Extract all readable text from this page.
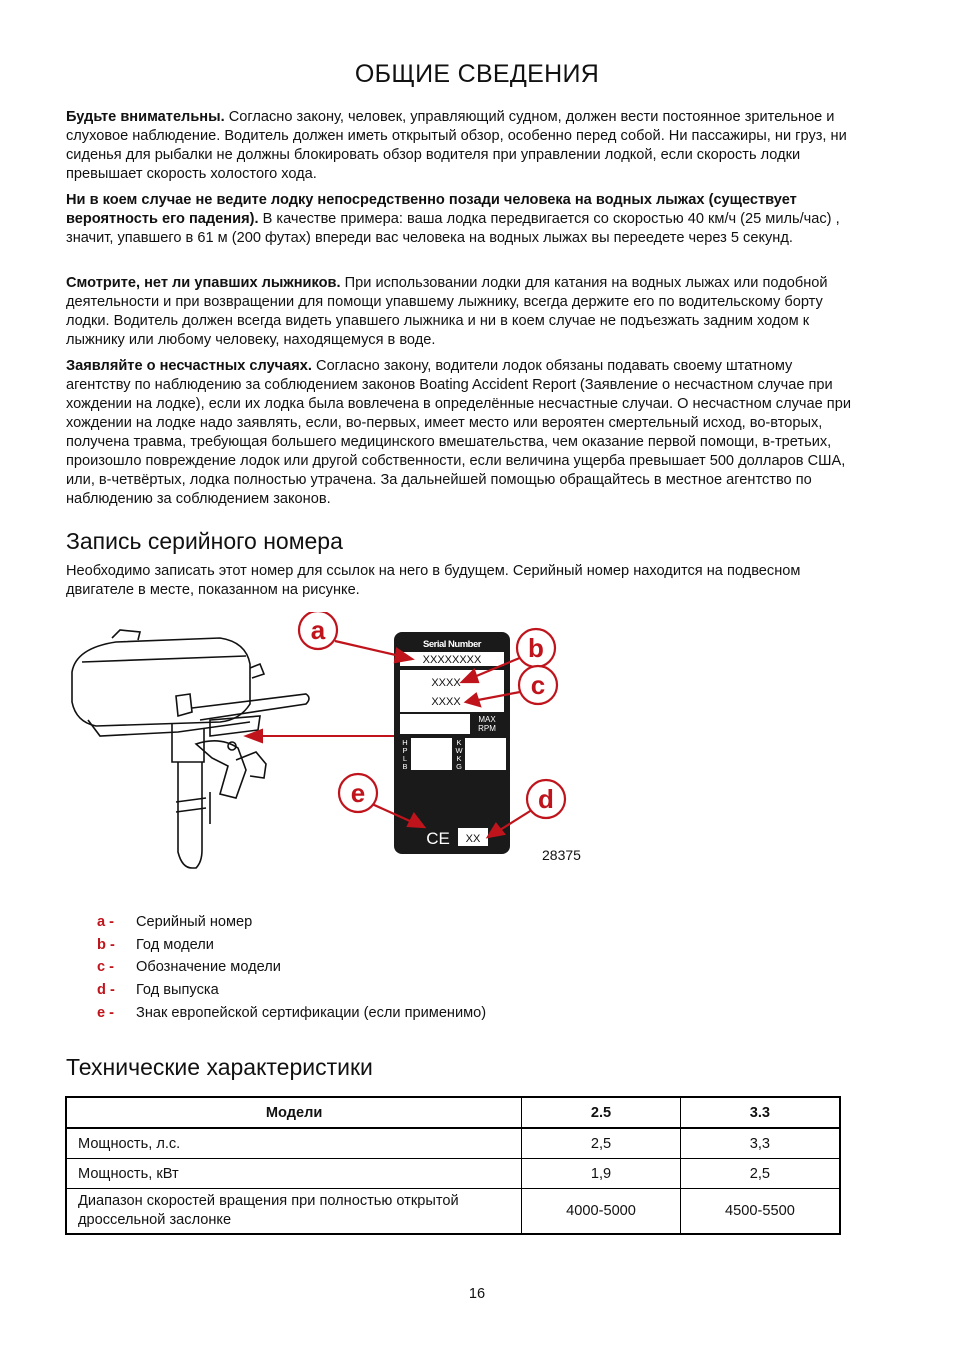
ОБЩИЕ СВЕДЕНИЯ

Будьте внимательны. Согласно закону, человек, управляющий судном, должен вести постоянное зрительное и слуховое наблюдение. Водитель должен иметь открытый обзор, особенно перед собой. Ни пассажиры, ни груз, ни сиденья для рыбалки не должны блокировать обзор водителя при управлении лодкой, если скорость лодки превышает скорость холостого хода.

Ни в коем случае не ведите лодку непосредственно позади человека на водных лыжах (существует вероятность его падения). В качестве примера: ваша лодка передвигается со скоростью 40 км/ч (25 миль/час) , значит, упавшего в 61 м (200 футах) впереди вас человека на водных лыжах вы переедете через 5 секунд.

Смотрите, нет ли упавших лыжников. При использовании лодки для катания на водных лыжах или подобной деятельности и при возвращении для помощи упавшему лыжнику, всегда держите его по водительскому борту лодки. Водитель должен всегда видеть упавшего лыжника и ни в коем случае не подъезжать задним ходом к лыжнику или любому человеку, находящемуся в воде.

Заявляйте о несчастных случаях. Согласно закону, водители лодок обязаны подавать своему штатному агентству по наблюдению за соблюдением законов Boating Accident Report (Заявление о несчастном случае при хождении на лодке), если их лодка была вовлечена в определённые несчастные случаи. О несчастном случае при хождении на лодке надо заявлять, если, во-первых, имеет место или вероятен смертельный исход, во-вторых, получена травма, требующая большего медицинского вмешательства, чем оказание первой помощи, в-третьих, произошло повреждение лодок или другой собственности, если величина ущерба превышает 500 долларов США, или, в-четвёртых, лодка полностью утрачена. За дальнейшей помощью обращайтесь в местное агентство по наблюдению за соблюдением законов.

Запись серийного номера

Необходимо записать этот номер для ссылок на него в будущем. Серийный номер находится на подвесном двигателе в месте, показанном на рисунке.

Serial Number
XXXXXXXX
XXXX
XXXX
MAX
RPM
H
P
L
B
K
W
K
G
CE XX
a
b
c
e	d
28375
a -	Серийный номер
b -	Год модели
c -	Обозначение модели
d -	Год выпуска
e -	Знак европейской сертификации (если применимо)
Технические характеристики
Модели	2.5	3.3
Мощность, л.с.	2,5	3,3
Мощность, кВт	1,9	2,5
Диапазон скоростей вращения при полностью открытой дроссельной заслонке	4000-5000	4500-5500
16
